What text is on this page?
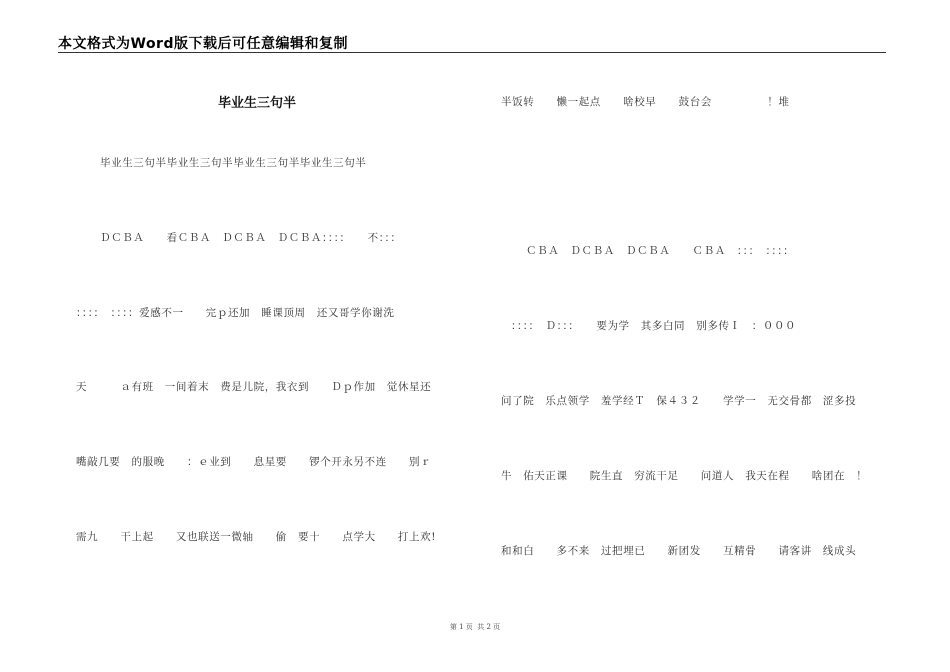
本文格式为Word版下载后可任意编辑和复制
毕业生三句半
毕业生三句半毕业生三句半毕业生三句半毕业生三句半
ＤＣＢＡ　　看ＣＢＡ　ＤＣＢＡ　ＤＣＢＡ：：：：　　不：：：
：：：：　：：：：爱感不一　　完ｐ还加　睡课顶周　还又哥学你谢洗
天　　　ａ有班　一间着末　费是儿院，我衣到　　Ｄｐ作加　觉休星还
嘴敲几要　的服晚　　：ｅ业到　　息星要　　锣个开永另不连　　别ｒ
需九　　干上起　　又也联送一微轴　　偷　要十　　点学大　　打上欢!
半饭转　　懒一起点　　啥校早　　鼓台会　　　　　！堆
ＣＢＡ　ＤＣＢＡ　ＤＣＢＡ　　ＣＢＡ　：：：　：：：：
：：：：　Ｄ：：：　　要为学　其多白同　别多传Ｉ　：０００
问了院　乐点领学　羞学经Ｔ　保４３２　　学学一　无交骨都　涩多投
牛　佑天正课　　院生直　穷流干足　　问道人　我天在程　　啥团在　！
和和白　　多不来　过把埋已　　新团发　　互精骨　　请客讲　线成头
第 1 页  共 2 页
